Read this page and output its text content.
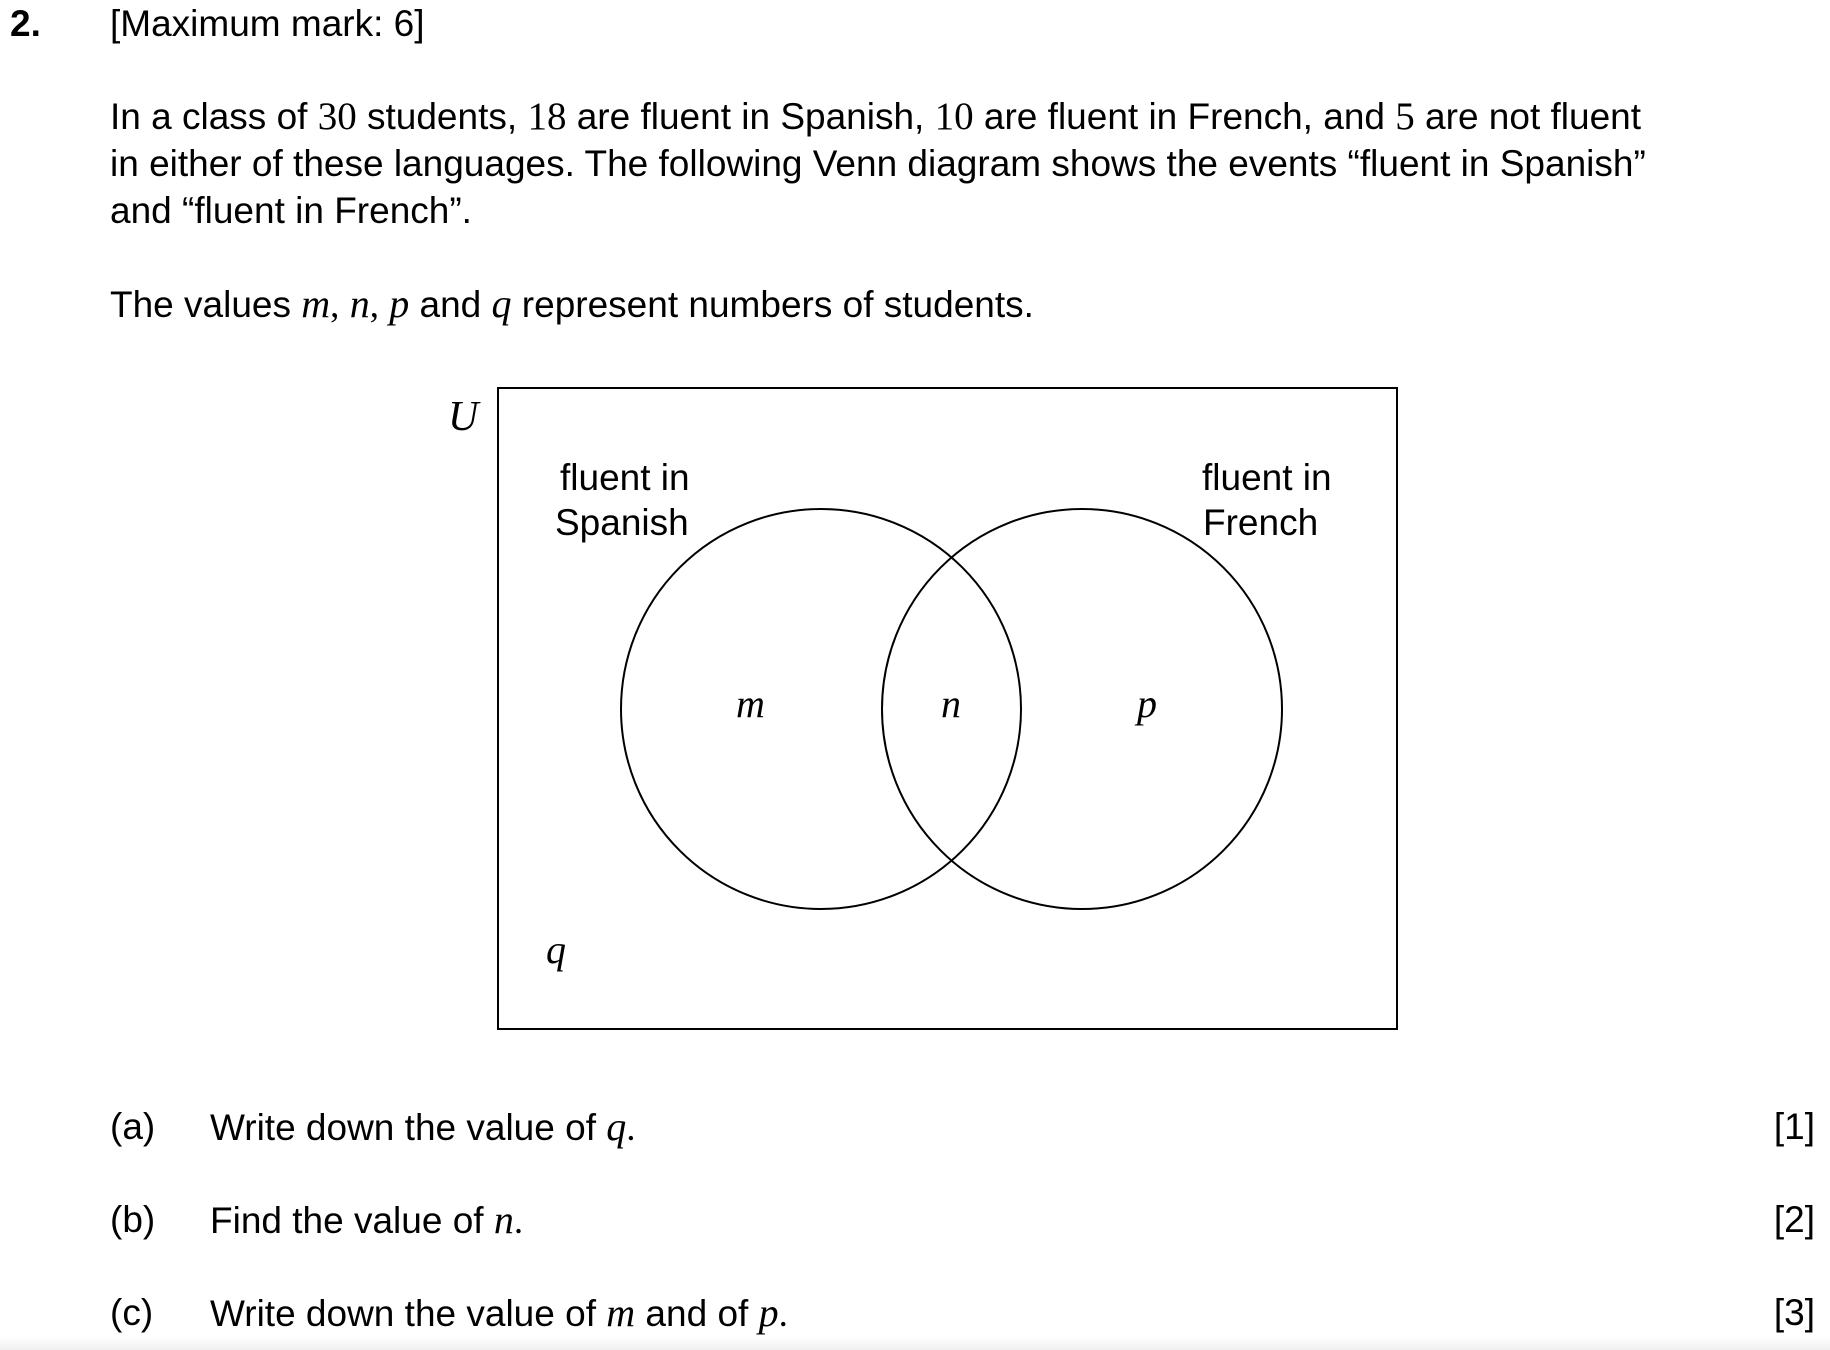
2. [Maximum mark: 6]
In a class of 30 students, 18 are fluent in Spanish, 10 are fluent in French, and 5 are not fluent
in either of these languages. The following Venn diagram shows the events “fluent in Spanish”
and “fluent in French”.
The values m, n, p and q represent numbers of students.
U
fluent in
Spanish
fluent in
French
m	n	p
q
(a) Write down the value of q.	[1]
(b) Find the value of n.	[2]
(c) Write down the value of m and of p.	[3]
